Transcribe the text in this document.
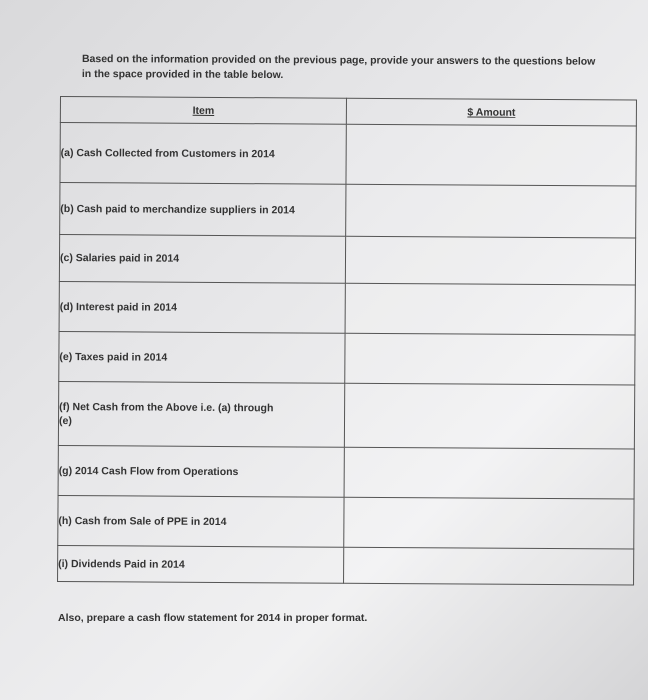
Based on the information provided on the previous page, provide your answers to the questions below in the space provided in the table below.
Item	$ Amount

(a) Cash Collected from Customers in 2014	

(b) Cash paid to merchandize suppliers in 2014	

(c) Salaries paid in 2014	

(d) Interest paid in 2014	

(e) Taxes paid in 2014	

(f) Net Cash from the Above i.e. (a) through (e)	

(g) 2014 Cash Flow from Operations	

(h) Cash from Sale of PPE in 2014	

(i) Dividends Paid in 2014	

Also, prepare a cash flow statement for 2014 in proper format.
